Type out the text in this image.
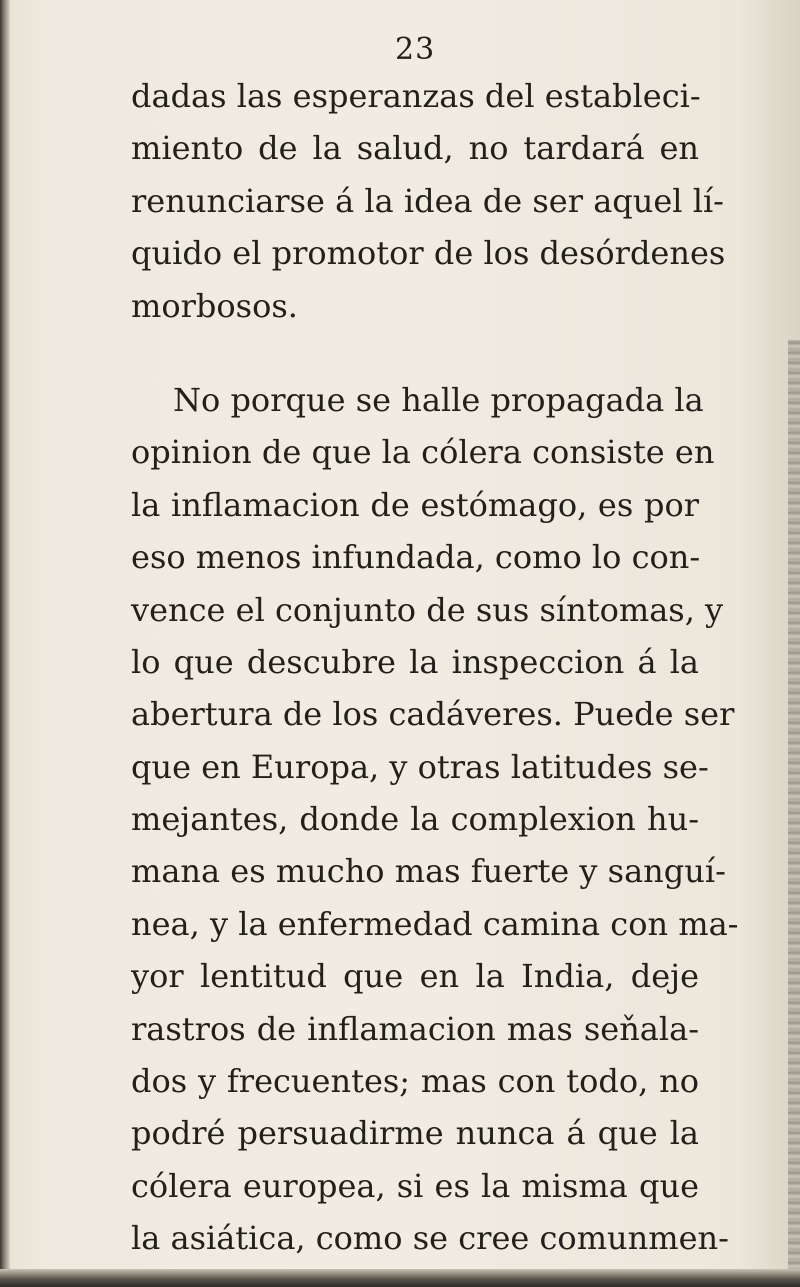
23
dadas las esperanzas del estableci-
miento de la salud, no tardará en
renunciarse á la idea de ser aquel lí-
quido el promotor de los desórdenes
morbosos.
No porque se halle propagada la
opinion de que la cólera consiste en
la inflamacion de estómago, es por
eso menos infundada, como lo con-
vence el conjunto de sus síntomas, y
lo que descubre la inspeccion á la
abertura de los cadáveres. Puede ser
que en Europa, y otras latitudes se-
mejantes, donde la complexion hu-
mana es mucho mas fuerte y sanguí-
nea, y la enfermedad camina con ma-
yor lentitud que en la India, deje
rastros de inflamacion mas seňala-
dos y frecuentes; mas con todo, no
podré persuadirme nunca á que la
cólera europea, si es la misma que
la asiática, como se cree comunmen-
